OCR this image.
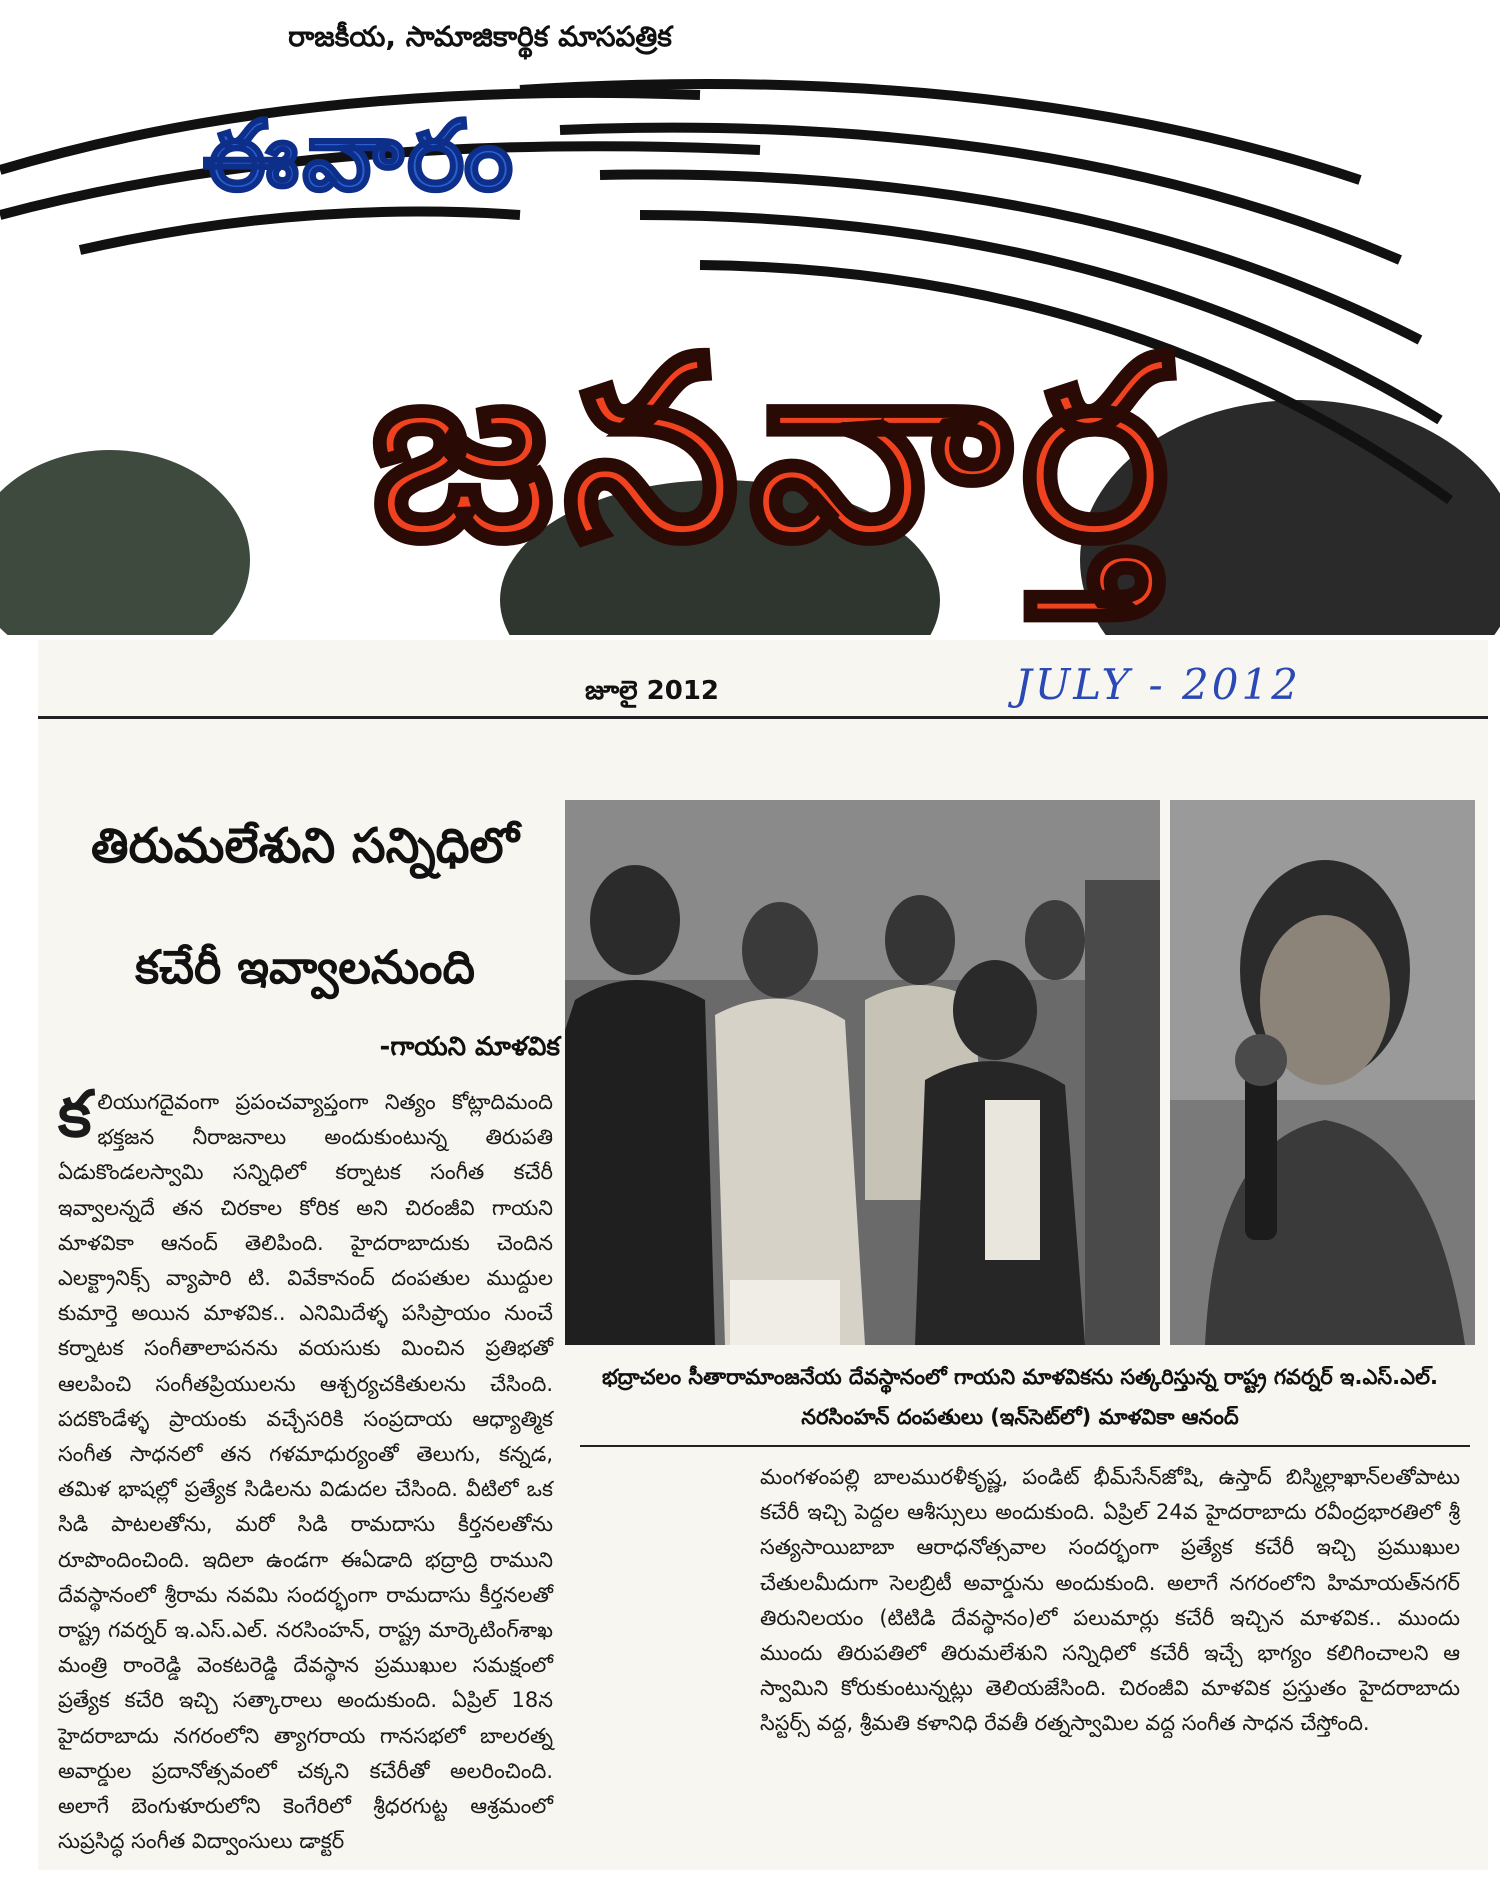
రాజకీయ, సామాజికార్థిక మాసపత్రిక
ఈవారం
జనవార్త
జూలై 2012	JULY - 2012
తిరుమలేశుని సన్నిధిలో
కచేరీ ఇవ్వాలనుంది
-గాయని మాళవిక
కలియుగదైవంగా ప్రపంచవ్యాప్తంగా నిత్యం కోట్లాదిమంది భక్తజన నీరాజనాలు అందుకుంటున్న తిరుపతి ఏడుకొండలస్వామి సన్నిధిలో కర్నాటక సంగీత కచేరీ ఇవ్వాలన్నదే తన చిరకాల కోరిక అని చిరంజీవి గాయని మాళవికా ఆనంద్ తెలిపింది. హైదరాబాదుకు చెందిన ఎలక్ట్రానిక్స్ వ్యాపారి టి. వివేకానంద్ దంపతుల ముద్దుల కుమార్తె అయిన మాళవిక.. ఎనిమిదేళ్ళ పసిప్రాయం నుంచే కర్నాటక సంగీతాలాపనను వయసుకు మించిన ప్రతిభతో ఆలపించి సంగీతప్రియులను ఆశ్చర్యచకితులను చేసింది. పదకొండేళ్ళ ప్రాయంకు వచ్చేసరికి సంప్రదాయ ఆధ్యాత్మిక సంగీత సాధనలో తన గళమాధుర్యంతో తెలుగు, కన్నడ, తమిళ భాషల్లో ప్రత్యేక సిడిలను విడుదల చేసింది. వీటిలో ఒక సిడి పాటలతోను, మరో సిడి రామదాసు కీర్తనలతోను రూపొందించింది. ఇదిలా ఉండగా ఈఏడాది భద్రాద్రి రాముని దేవస్థానంలో శ్రీరామ నవమి సందర్భంగా రామదాసు కీర్తనలతో రాష్ట్ర గవర్నర్ ఇ.ఎస్.ఎల్. నరసింహన్, రాష్ట్ర మార్కెటింగ్‌శాఖ మంత్రి రాంరెడ్డి వెంకటరెడ్డి దేవస్థాన ప్రముఖుల సమక్షంలో ప్రత్యేక కచేరి ఇచ్చి సత్కారాలు అందుకుంది. ఏప్రిల్ 18న హైదరాబాదు నగరంలోని త్యాగరాయ గానసభలో బాలరత్న అవార్డుల ప్రదానోత్సవంలో చక్కని కచేరీతో అలరించింది. అలాగే బెంగుళూరులోని కెంగేరిలో శ్రీధరగుట్ట ఆశ్రమంలో సుప్రసిద్ధ సంగీత విద్వాంసులు డాక్టర్
భద్రాచలం సీతారామాంజనేయ దేవస్థానంలో గాయని మాళవికను సత్కరిస్తున్న రాష్ట్ర గవర్నర్ ఇ.ఎస్.ఎల్.
నరసింహన్ దంపతులు (ఇన్‌సెట్‌లో) మాళవికా ఆనంద్
మంగళంపల్లి బాలమురళీకృష్ణ, పండిట్ భీమ్‌సేన్‌జోషి, ఉస్తాద్ బిస్మిల్లాఖాన్‌లతోపాటు కచేరీ ఇచ్చి పెద్దల ఆశీస్సులు అందుకుంది. ఏప్రిల్ 24వ హైదరాబాదు రవీంద్రభారతిలో శ్రీ సత్యసాయిబాబా ఆరాధనోత్సవాల సందర్భంగా ప్రత్యేక కచేరీ ఇచ్చి ప్రముఖుల చేతులమీదుగా సెలబ్రిటీ అవార్డును అందుకుంది. అలాగే నగరంలోని హిమాయత్‌నగర్ తిరునిలయం (టిటిడి దేవస్థానం)లో పలుమార్లు కచేరీ ఇచ్చిన మాళవిక.. ముందు ముందు తిరుపతిలో తిరుమలేశుని సన్నిధిలో కచేరీ ఇచ్చే భాగ్యం కలిగించాలని ఆ స్వామిని కోరుకుంటున్నట్లు తెలియజేసింది. చిరంజీవి మాళవిక ప్రస్తుతం హైదరాబాదు సిస్టర్స్ వద్ద, శ్రీమతి కళానిధి రేవతీ రత్నస్వామిల వద్ద సంగీత సాధన చేస్తోంది.
